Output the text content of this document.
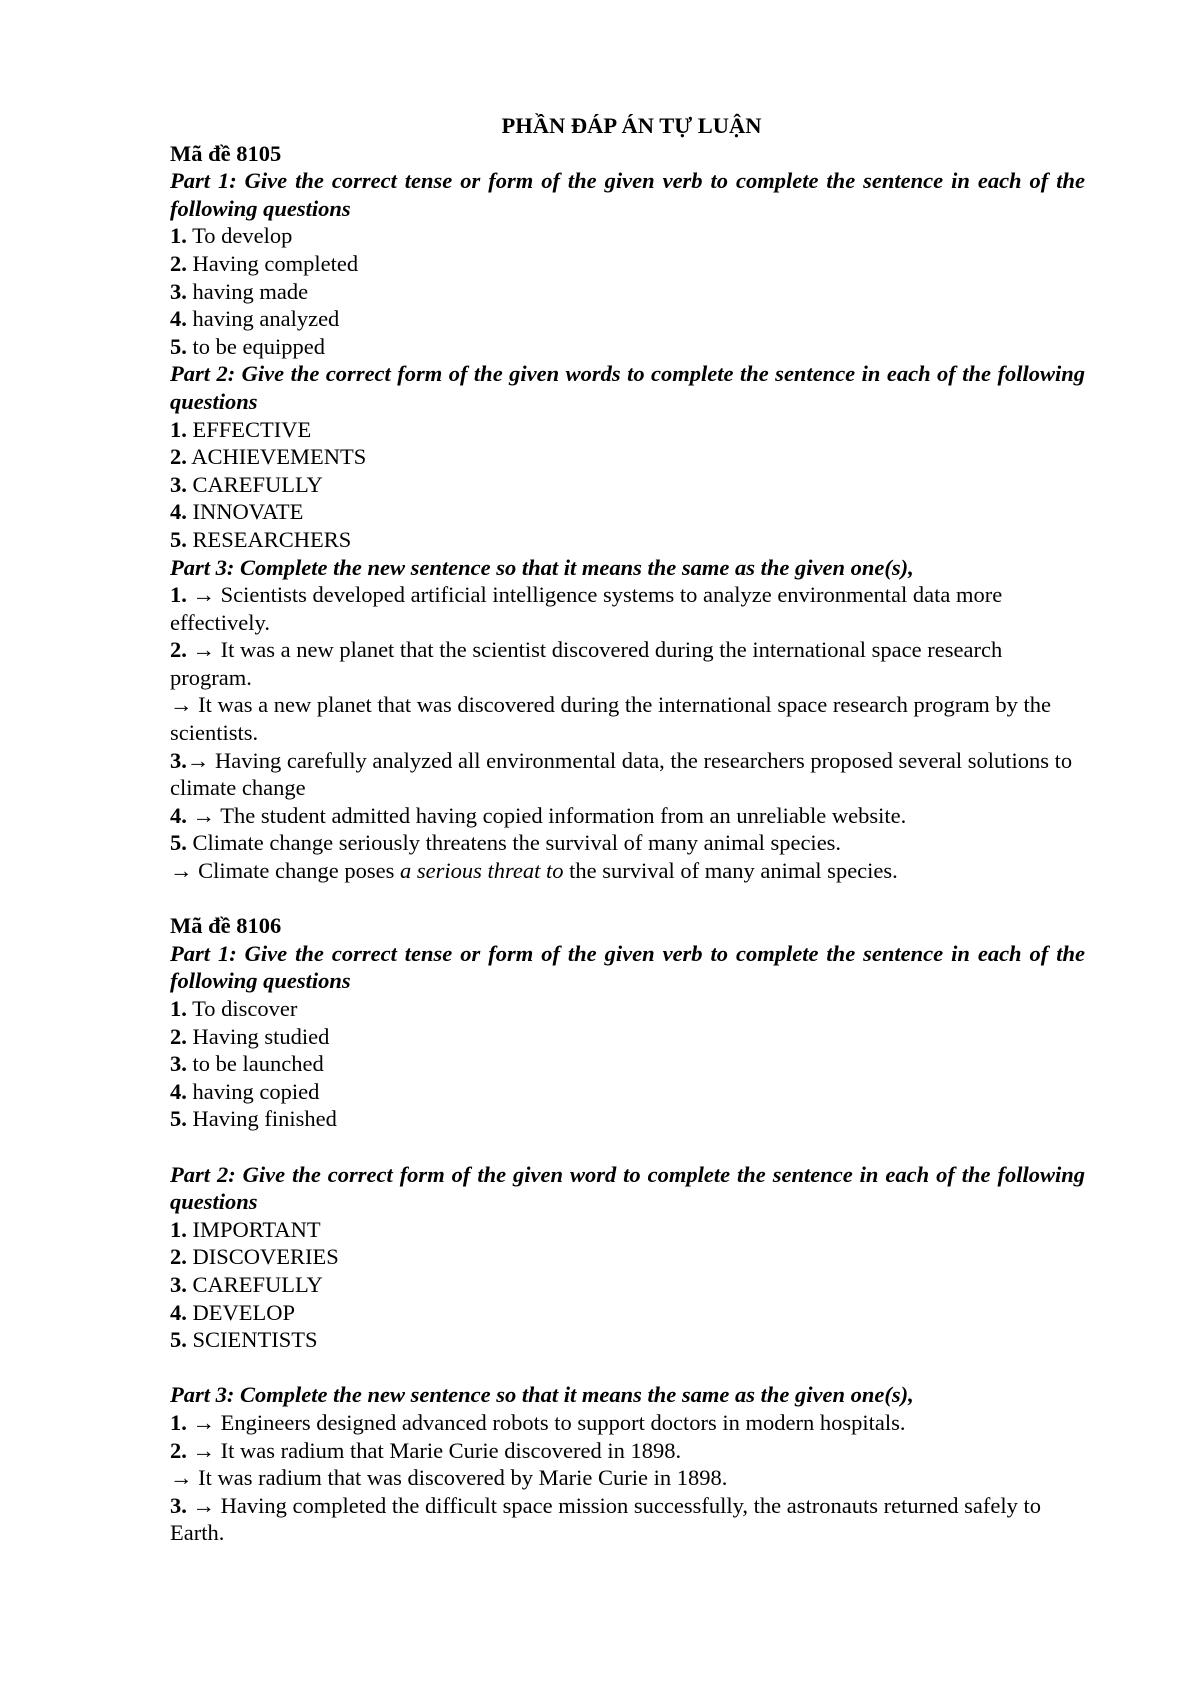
PHẦN ĐÁP ÁN TỰ LUẬN
Mã đề 8105
Part 1: Give the correct tense or form of the given verb to complete the sentence in each of the following questions
1. To develop
2. Having completed
3. having made
4. having analyzed
5. to be equipped
Part 2: Give the correct form of the given words to complete the sentence in each of the following questions
1. EFFECTIVE
2. ACHIEVEMENTS
3. CAREFULLY
4. INNOVATE
5. RESEARCHERS
Part 3: Complete the new sentence so that it means the same as the given one(s),
1. → Scientists developed artificial intelligence systems to analyze environmental data more effectively.
2. → It was a new planet that the scientist discovered during the international space research program.
→ It was a new planet that was discovered during the international space research program by the scientists.
3.→ Having carefully analyzed all environmental data, the researchers proposed several solutions to climate change
4. → The student admitted having copied information from an unreliable website.
5. Climate change seriously threatens the survival of many animal species.
→ Climate change poses a serious threat to the survival of many animal species.
Mã đề 8106
Part 1: Give the correct tense or form of the given verb to complete the sentence in each of the following questions
1. To discover
2. Having studied
3. to be launched
4. having copied
5. Having finished
Part 2: Give the correct form of the given word to complete the sentence in each of the following questions
1. IMPORTANT
2. DISCOVERIES
3. CAREFULLY
4. DEVELOP
5. SCIENTISTS
Part 3: Complete the new sentence so that it means the same as the given one(s),
1. → Engineers designed advanced robots to support doctors in modern hospitals.
2. → It was radium that Marie Curie discovered in 1898.
→ It was radium that was discovered by Marie Curie in 1898.
3. → Having completed the difficult space mission successfully, the astronauts returned safely to Earth.
